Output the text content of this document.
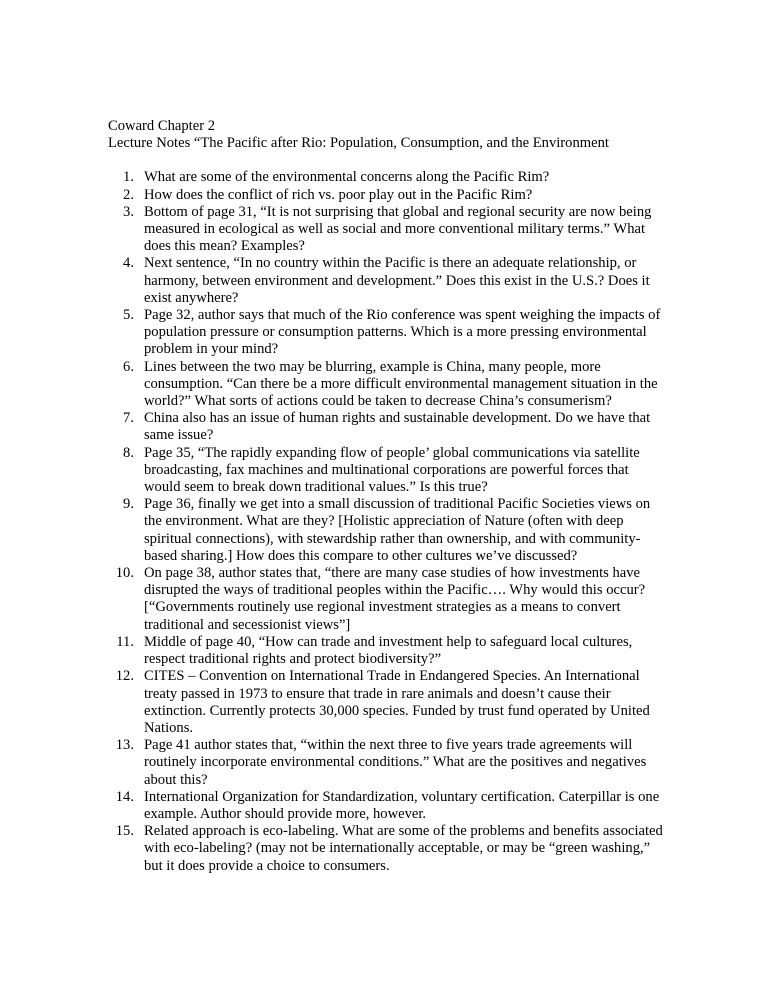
Coward Chapter 2

Lecture Notes “The Pacific after Rio: Population, Consumption, and the Environment

1. What are some of the environmental concerns along the Pacific Rim?
2. How does the conflict of rich vs. poor play out in the Pacific Rim?
3. Bottom of page 31, “It is not surprising that global and regional security are now being measured in ecological as well as social and more conventional military terms.” What does this mean? Examples?
4. Next sentence, “In no country within the Pacific is there an adequate relationship, or harmony, between environment and development.” Does this exist in the U.S.? Does it exist anywhere?
5. Page 32, author says that much of the Rio conference was spent weighing the impacts of population pressure or consumption patterns. Which is a more pressing environmental problem in your mind?
6. Lines between the two may be blurring, example is China, many people, more consumption. “Can there be a more difficult environmental management situation in the world?” What sorts of actions could be taken to decrease China’s consumerism?
7. China also has an issue of human rights and sustainable development. Do we have that same issue?
8. Page 35, “The rapidly expanding flow of people’ global communications via satellite broadcasting, fax machines and multinational corporations are powerful forces that would seem to break down traditional values.” Is this true?
9. Page 36, finally we get into a small discussion of traditional Pacific Societies views on the environment. What are they? [Holistic appreciation of Nature (often with deep spiritual connections), with stewardship rather than ownership, and with community-based sharing.] How does this compare to other cultures we’ve discussed?
10. On page 38, author states that, “there are many case studies of how investments have disrupted the ways of traditional peoples within the Pacific…. Why would this occur? [“Governments routinely use regional investment strategies as a means to convert traditional and secessionist views”]
11. Middle of page 40, “How can trade and investment help to safeguard local cultures, respect traditional rights and protect biodiversity?”
12. CITES – Convention on International Trade in Endangered Species. An International treaty passed in 1973 to ensure that trade in rare animals and doesn’t cause their extinction. Currently protects 30,000 species. Funded by trust fund operated by United Nations.
13. Page 41 author states that, “within the next three to five years trade agreements will routinely incorporate environmental conditions.” What are the positives and negatives about this?
14. International Organization for Standardization, voluntary certification. Caterpillar is one example. Author should provide more, however.
15. Related approach is eco-labeling. What are some of the problems and benefits associated with eco-labeling? (may not be internationally acceptable, or may be “green washing,” but it does provide a choice to consumers.
